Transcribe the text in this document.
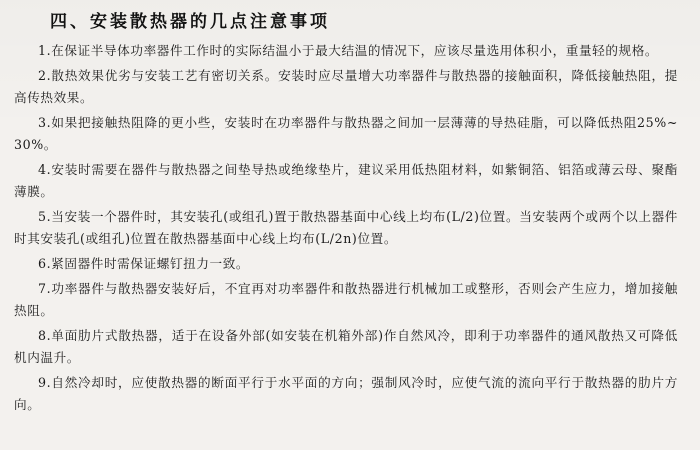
四、安装散热器的几点注意事项
1.在保证半导体功率器件工作时的实际结温小于最大结温的情况下，应该尽量选用体积小，重量轻的规格。
2.散热效果优劣与安装工艺有密切关系。安装时应尽量增大功率器件与散热器的接触面积，降低接触热阻，提高传热效果。
3.如果把接触热阻降的更小些，安装时在功率器件与散热器之间加一层薄薄的导热硅脂，可以降低热阻25%~30%。
4.安装时需要在器件与散热器之间垫导热或绝缘垫片，建议采用低热阻材料，如紫铜箔、铝箔或薄云母、聚酯薄膜。
5.当安装一个器件时，其安装孔(或组孔)置于散热器基面中心线上均布(L/2)位置。当安装两个或两个以上器件时其安装孔(或组孔)位置在散热器基面中心线上均布(L/2n)位置。
6.紧固器件时需保证螺钉扭力一致。
7.功率器件与散热器安装好后，不宜再对功率器件和散热器进行机械加工或整形，否则会产生应力，增加接触热阻。
8.单面肋片式散热器，适于在设备外部(如安装在机箱外部)作自然风冷，即利于功率器件的通风散热又可降低机内温升。
9.自然冷却时，应使散热器的断面平行于水平面的方向；强制风冷时，应使气流的流向平行于散热器的肋片方向。
